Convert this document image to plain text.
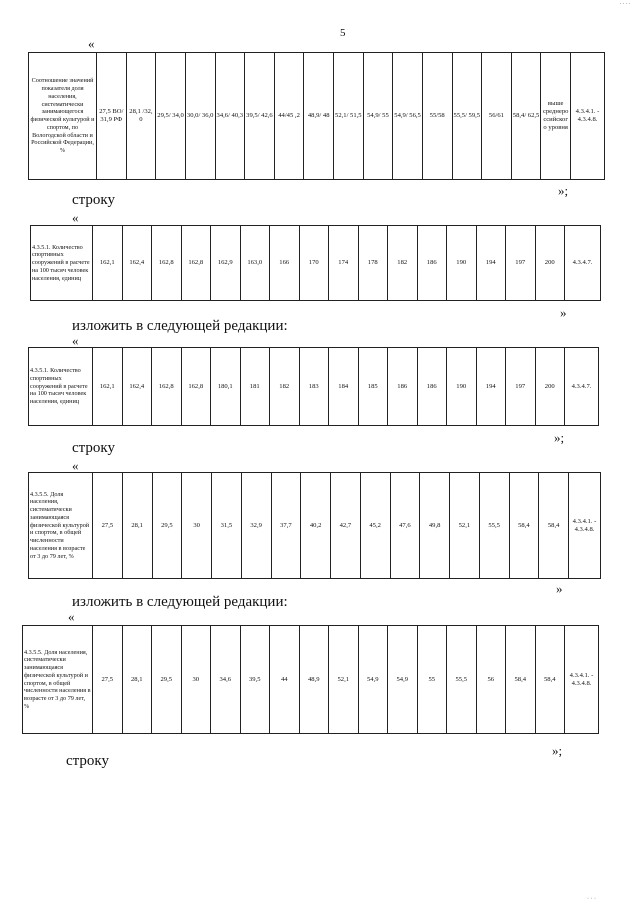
5
. . . .
«
Соотношение значений показателя доля населения, систематически занимающегося физической культурой и спортом, по Вологодской области и Российской Федерации, %	27,5 ВО/ 31,9 РФ	28,1 /32, 0	29,5/ 34,0	30,0/ 36,0	34,6/ 40,3	39,5/ 42,6	44/45 ,2	48,9/ 48	52,1/ 51,5	54,9/ 55	54,9/ 56,5	55/58	55,5/ 59,5	56/61	58,4/ 62,5	выше среднероссийского уровня	4.3.4.1. - 4.3.4.8.
»;
строку
«
4.3.5.1. Количество спортивных сооружений в расчете на 100 тысяч человек населения, единиц	162,1	162,4	162,8	162,8	162,9	163,0	166	170	174	178	182	186	190	194	197	200	4.3.4.7.
»
изложить в следующей редакции:
«
4.3.5.1. Количество спортивных сооружений в расчете на 100 тысяч человек населения, единиц	162,1	162,4	162,8	162,8	180,1	181	182	183	184	185	186	186	190	194	197	200	4.3.4.7.
»;
строку
«
4.3.5.5. Доля населения, систематически занимающаяся физической культурой и спортом, в общей численности населения в возрасте от 3 до 79 лет, %	27,5	28,1	29,5	30	31,5	32,9	37,7	40,2	42,7	45,2	47,6	49,8	52,1	55,5	58,4	58,4	4.3.4.1. - 4.3.4.8.
»
изложить в следующей редакции:
«
4.3.5.5. Доля населения, систематически занимающаяся физической культурой и спортом, в общей численности населения в возрасте от 3 до 79 лет, %	27,5	28,1	29,5	30	34,6	39,5	44	48,9	52,1	54,9	54,9	55	55,5	56	58,4	58,4	4.3.4.1. - 4.3.4.8.
»;
строку
· · ·
